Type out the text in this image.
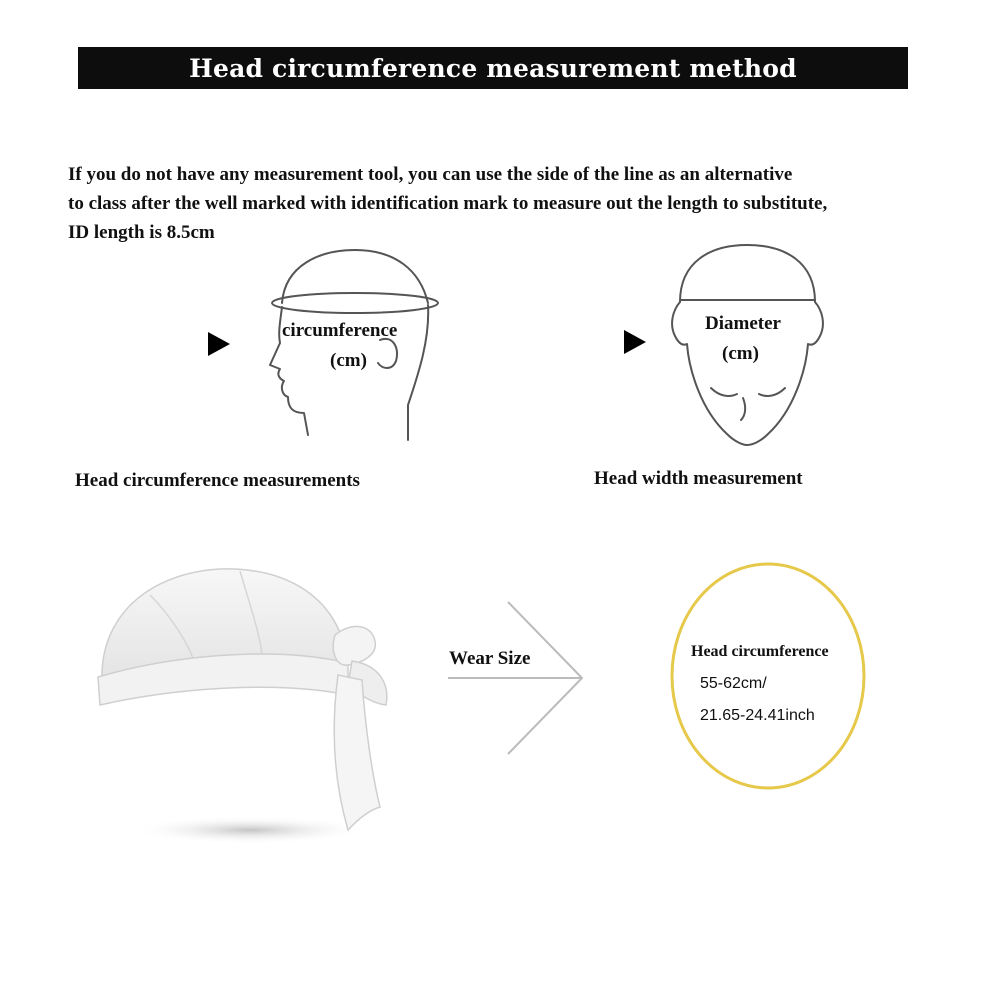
Head circumference measurement method
If you do not have any measurement tool, you can use the side of the line as an alternative
to class after the well marked with identification mark to measure out the length to substitute,
ID length is 8.5cm
circumference
(cm)
Head circumference measurements
Diameter
(cm)
Head width measurement
Wear Size	Head circumference
55-62cm/
21.65-24.41inch
